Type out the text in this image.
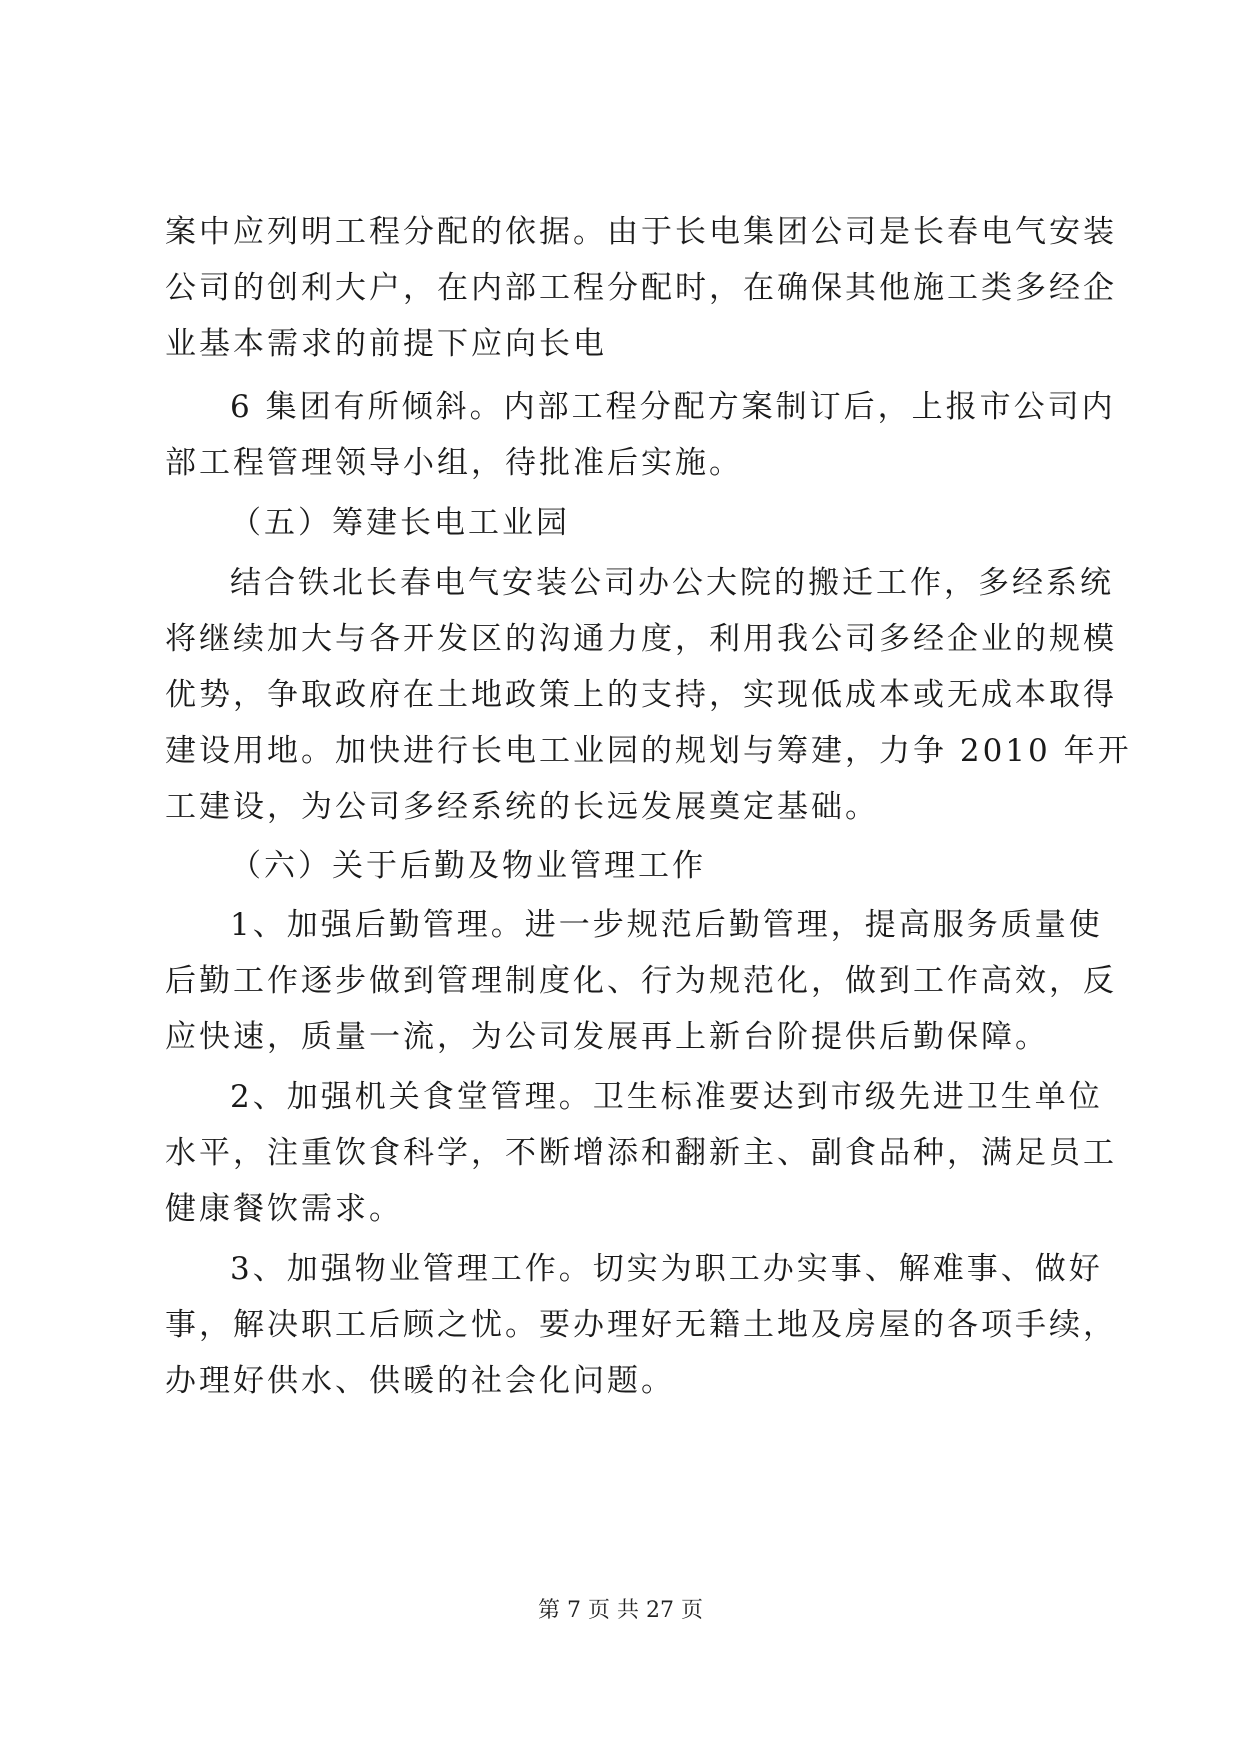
案中应列明工程分配的依据。由于长电集团公司是长春电气安装
公司的创利大户，在内部工程分配时，在确保其他施工类多经企
业基本需求的前提下应向长电
6 集团有所倾斜。内部工程分配方案制订后，上报市公司内
部工程管理领导小组，待批准后实施。
（五）筹建长电工业园
结合铁北长春电气安装公司办公大院的搬迁工作，多经系统
将继续加大与各开发区的沟通力度，利用我公司多经企业的规模
优势，争取政府在土地政策上的支持，实现低成本或无成本取得
建设用地。加快进行长电工业园的规划与筹建，力争 2010 年开
工建设，为公司多经系统的长远发展奠定基础。
（六）关于后勤及物业管理工作
1、加强后勤管理。进一步规范后勤管理，提高服务质量使
后勤工作逐步做到管理制度化、行为规范化，做到工作高效，反
应快速，质量一流，为公司发展再上新台阶提供后勤保障。
2、加强机关食堂管理。卫生标准要达到市级先进卫生单位
水平，注重饮食科学，不断增添和翻新主、副食品种，满足员工
健康餐饮需求。
3、加强物业管理工作。切实为职工办实事、解难事、做好
事，解决职工后顾之忧。要办理好无籍土地及房屋的各项手续，
办理好供水、供暖的社会化问题。
第 7 页 共 27 页
